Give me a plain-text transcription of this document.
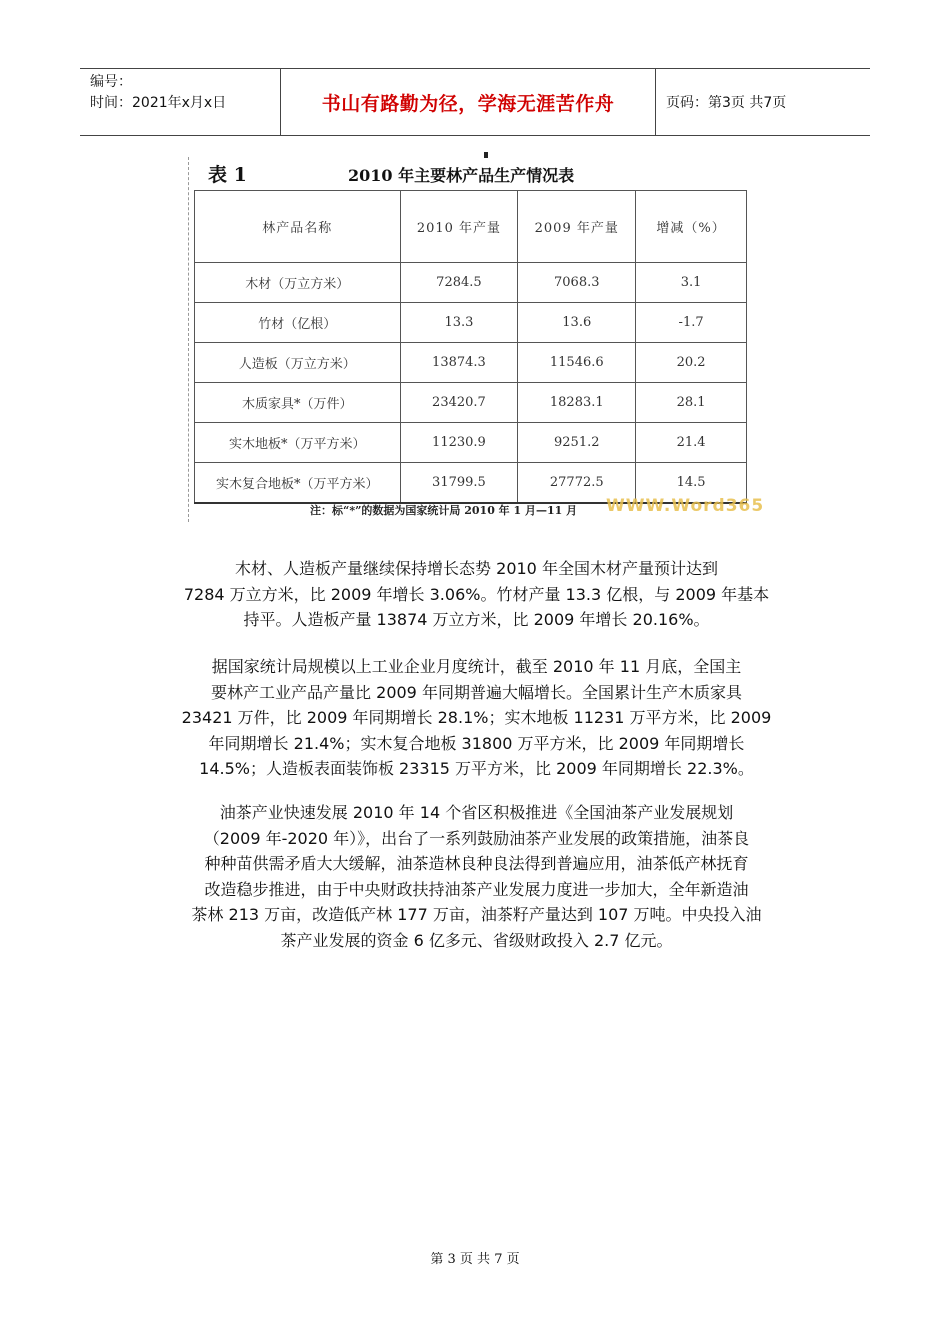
编号：
时间：2021年x月x日	书山有路勤为径，学海无涯苦作舟	页码：第3页 共7页
表 1	2010 年主要林产品生产情况表
林产品名称	2010 年产量	2009 年产量	增减（%）
木材（万立方米）	7284.5	7068.3	3.1
竹材（亿根）	13.3	13.6	-1.7
人造板（万立方米）	13874.3	11546.6	20.2
木质家具*（万件）	23420.7	18283.1	28.1
实木地板*（万平方米）	11230.9	9251.2	21.4
实木复合地板*（万平方米）	31799.5	27772.5	14.5
注：标“*”的数据为国家统计局 2010 年 1 月—11 月 WWW.Word365
木材、人造板产量继续保持增长态势 2010 年全国木材产量预计达到
7284 万立方米，比 2009 年增长 3.06%。竹材产量 13.3 亿根，与 2009 年基本
持平。人造板产量 13874 万立方米，比 2009 年增长 20.16%。
据国家统计局规模以上工业企业月度统计，截至 2010 年 11 月底，全国主
要林产工业产品产量比 2009 年同期普遍大幅增长。全国累计生产木质家具
23421 万件，比 2009 年同期增长 28.1%；实木地板 11231 万平方米，比 2009
年同期增长 21.4%；实木复合地板 31800 万平方米，比 2009 年同期增长
14.5%；人造板表面装饰板 23315 万平方米，比 2009 年同期增长 22.3%。
油茶产业快速发展 2010 年 14 个省区积极推进《全国油茶产业发展规划
（2009 年-2020 年）》，出台了一系列鼓励油茶产业发展的政策措施，油茶良
种种苗供需矛盾大大缓解，油茶造林良种良法得到普遍应用，油茶低产林抚育
改造稳步推进，由于中央财政扶持油茶产业发展力度进一步加大，全年新造油
茶林 213 万亩，改造低产林 177 万亩，油茶籽产量达到 107 万吨。中央投入油
茶产业发展的资金 6 亿多元、省级财政投入 2.7 亿元。
第 3 页 共 7 页
